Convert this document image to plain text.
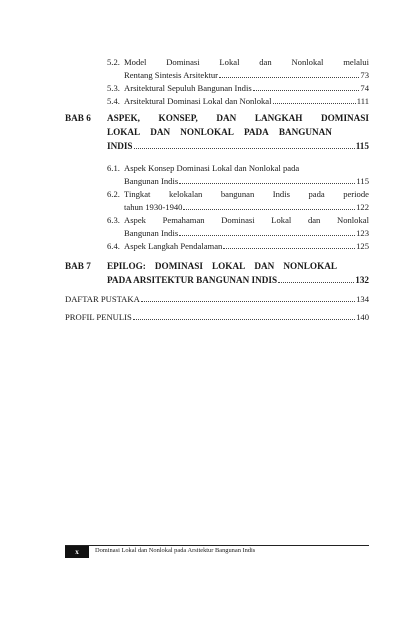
5.2. Model Dominasi Lokal dan Nonlokal melalui
Rentang Sintesis Arsitektur	73
5.3. Arsitektural Sepuluh Bangunan Indis	74
5.4. Arsitektural Dominasi Lokal dan Nonlokal	111
BAB 6 ASPEK, KONSEP, DAN LANGKAH DOMINASI
LOKAL DAN NONLOKAL PADA BANGUNAN
INDIS	115
6.1. Aspek Konsep Dominasi Lokal dan Nonlokal pada
Bangunan Indis	115
6.2. Tingkat kelokalan bangunan Indis pada periode
tahun 1930-1940	122
6.3. Aspek Pemahaman Dominasi Lokal dan Nonlokal
Bangunan Indis	123
6.4. Aspek Langkah Pendalaman	125
BAB 7 EPILOG: DOMINASI LOKAL DAN NONLOKAL
PADA ARSITEKTUR BANGUNAN INDIS	132
DAFTAR PUSTAKA	134
PROFIL PENULIS	140
x	Dominasi Lokal dan Nonlokal pada Arsitektur Bangunan Indis
